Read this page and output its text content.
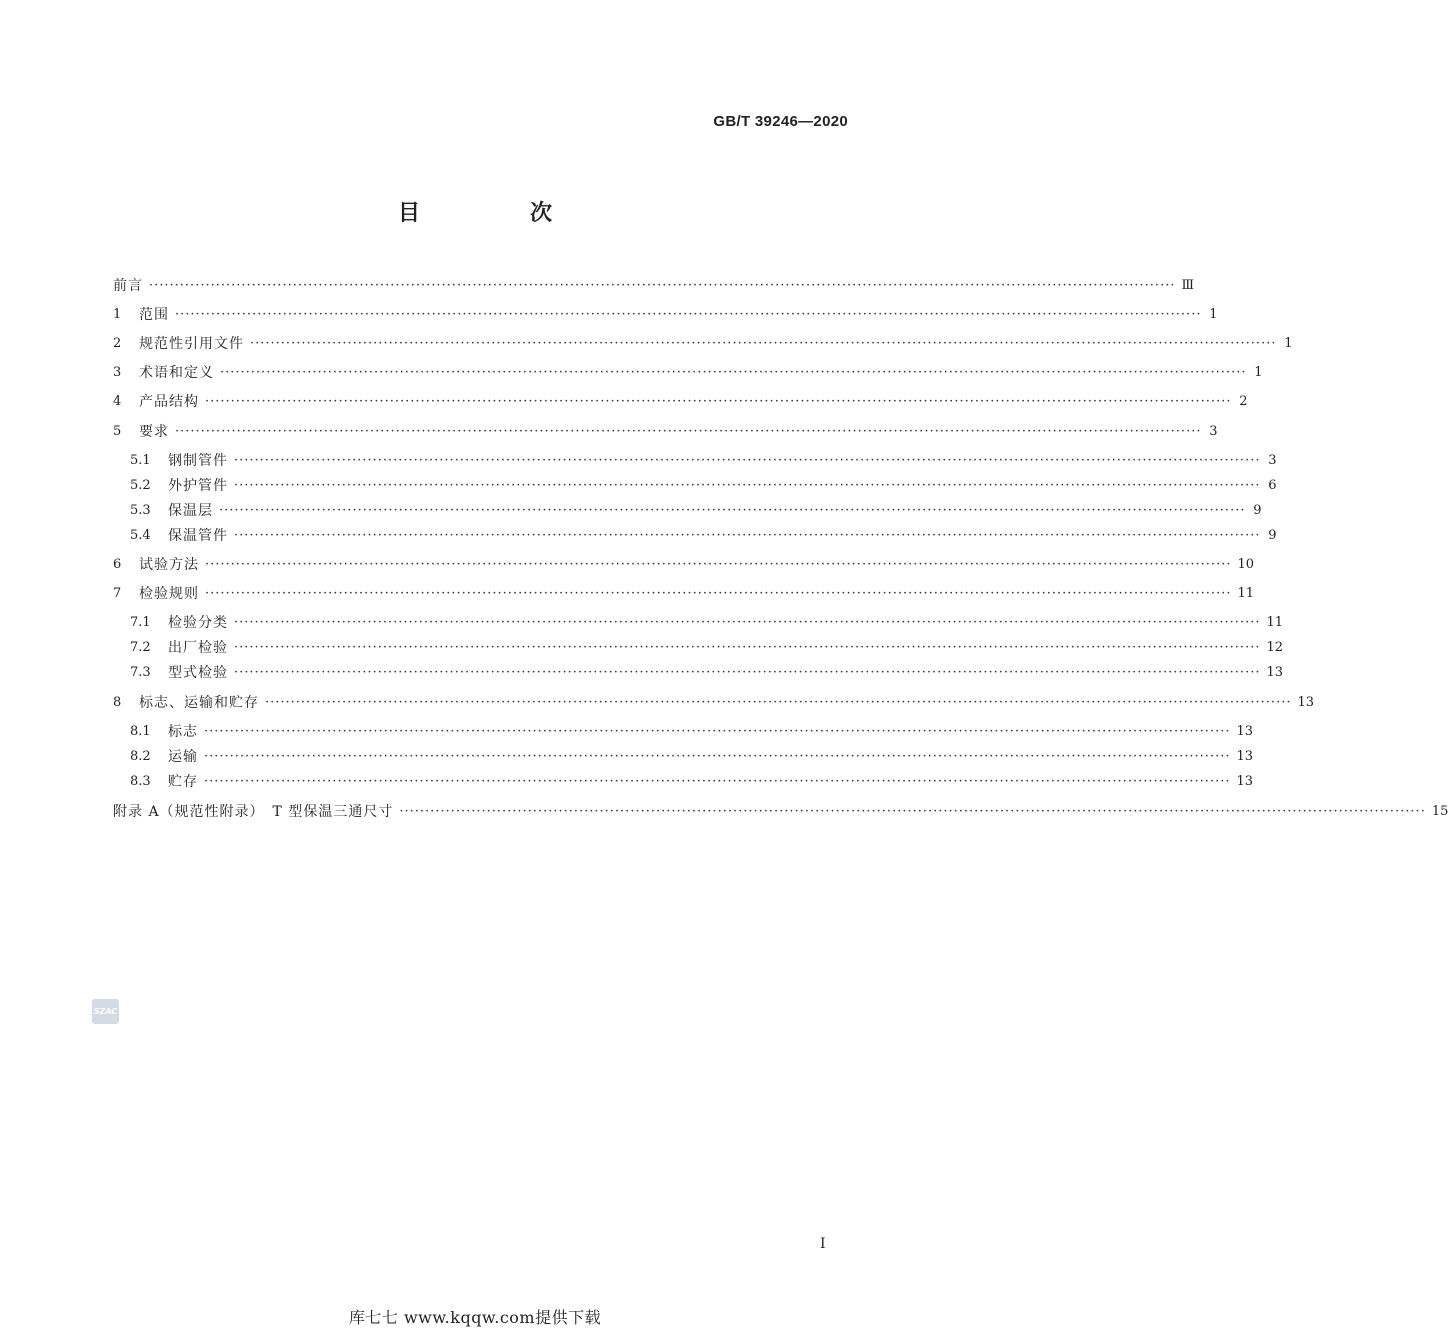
GB/T 39246—2020
目　次
前言 ········································································································································································································ Ⅲ
1	范围 ········································································································································································································ 1
2	规范性引用文件 ········································································································································································································ 1
3	术语和定义 ········································································································································································································ 1
4	产品结构 ········································································································································································································ 2
5	要求 ········································································································································································································ 3
5.1	钢制管件 ········································································································································································································ 3
5.2	外护管件 ········································································································································································································ 6
5.3	保温层 ········································································································································································································ 9
5.4	保温管件 ········································································································································································································ 9
6	试验方法 ········································································································································································································ 10
7	检验规则 ········································································································································································································ 11
7.1	检验分类 ········································································································································································································ 11
7.2	出厂检验 ········································································································································································································ 12
7.3	型式检验 ········································································································································································································ 13
8	标志、运输和贮存 ········································································································································································································ 13
8.1	标志 ········································································································································································································ 13
8.2	运输 ········································································································································································································ 13
8.3	贮存 ········································································································································································································ 13
附录 A（规范性附录）　T 型保温三通尺寸 ········································································································································································································ 15
SZAC
I
库七七 www.kqqw.com提供下载
